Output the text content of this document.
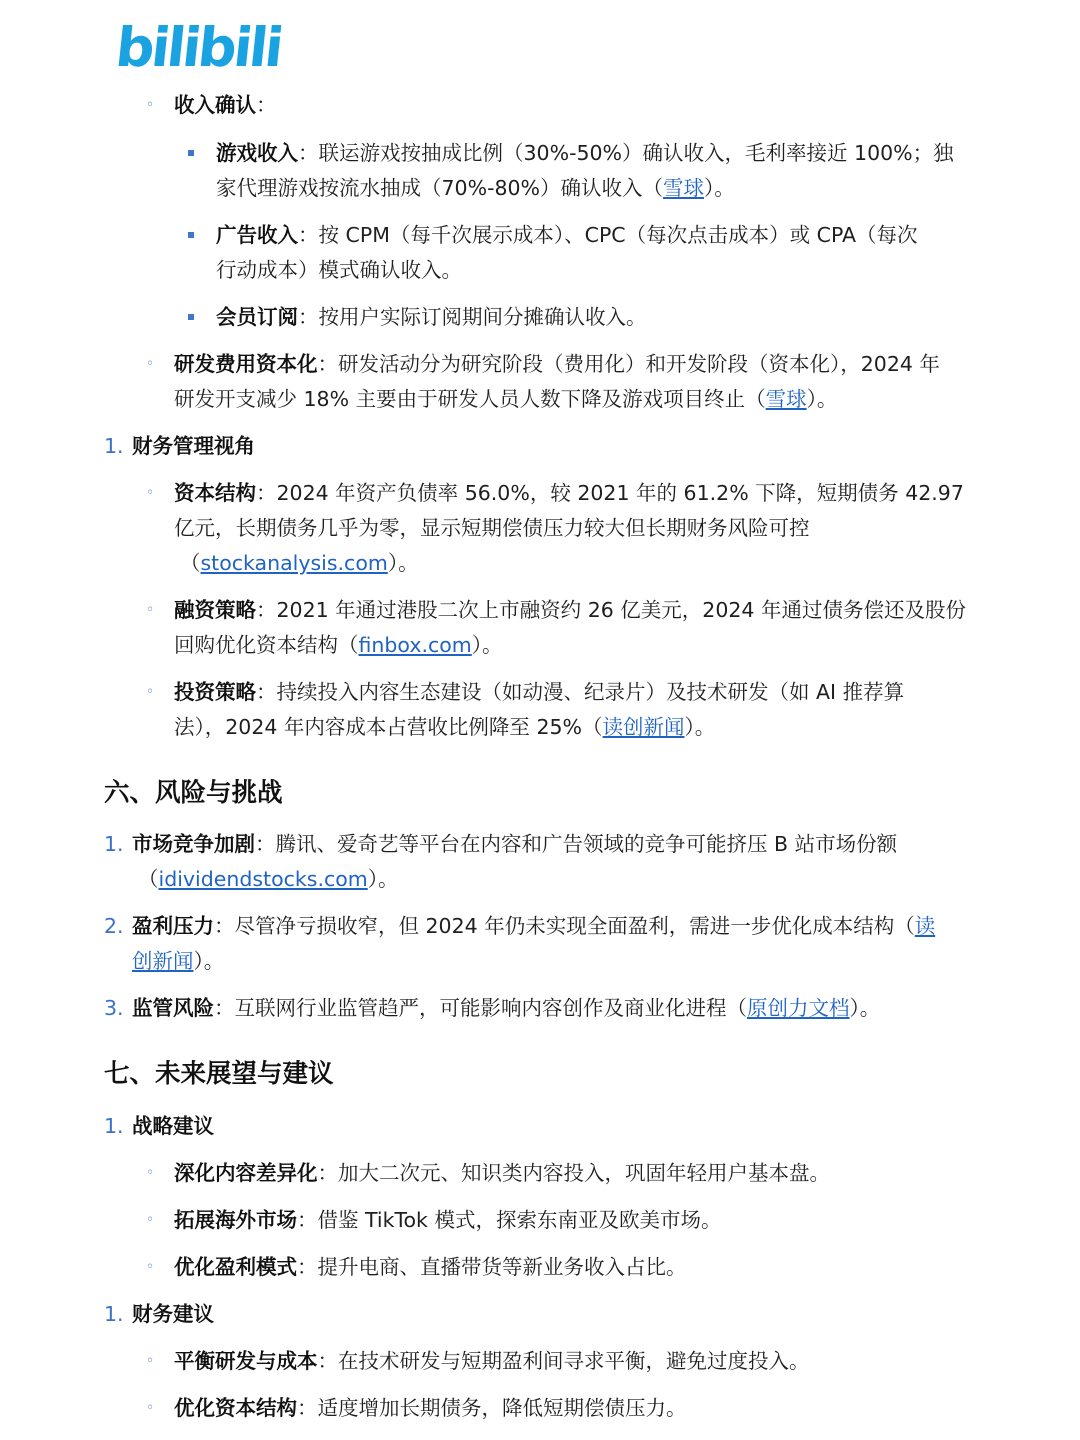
bilibili
◦ 收入确认：
游戏收入：联运游戏按抽成比例（30%-50%）确认收入，毛利率接近 100%；独
家代理游戏按流水抽成（70%-80%）确认收入（雪球）。
广告收入：按 CPM（每千次展示成本）、CPC（每次点击成本）或 CPA（每次
行动成本）模式确认收入。
会员订阅：按用户实际订阅期间分摊确认收入。
◦ 研发费用资本化：研发活动分为研究阶段（费用化）和开发阶段（资本化），2024 年
研发开支减少 18% 主要由于研发人员人数下降及游戏项目终止（雪球）。
1. 财务管理视角
◦ 资本结构：2024 年资产负债率 56.0%，较 2021 年的 61.2% 下降，短期债务 42.97
亿元，长期债务几乎为零，显示短期偿债压力较大但长期财务风险可控
（stockanalysis.com）。
◦ 融资策略：2021 年通过港股二次上市融资约 26 亿美元，2024 年通过债务偿还及股份
回购优化资本结构（finbox.com）。
◦ 投资策略：持续投入内容生态建设（如动漫、纪录片）及技术研发（如 AI 推荐算
法），2024 年内容成本占营收比例降至 25%（读创新闻）。
六、风险与挑战
1. 市场竞争加剧：腾讯、爱奇艺等平台在内容和广告领域的竞争可能挤压 B 站市场份额
（idividendstocks.com）。
2. 盈利压力：尽管净亏损收窄，但 2024 年仍未实现全面盈利，需进一步优化成本结构（读
创新闻）。
3. 监管风险：互联网行业监管趋严，可能影响内容创作及商业化进程（原创力文档）。
七、未来展望与建议
1. 战略建议
◦ 深化内容差异化：加大二次元、知识类内容投入，巩固年轻用户基本盘。
◦ 拓展海外市场：借鉴 TikTok 模式，探索东南亚及欧美市场。
◦ 优化盈利模式：提升电商、直播带货等新业务收入占比。
1. 财务建议
◦ 平衡研发与成本：在技术研发与短期盈利间寻求平衡，避免过度投入。
◦ 优化资本结构：适度增加长期债务，降低短期偿债压力。
